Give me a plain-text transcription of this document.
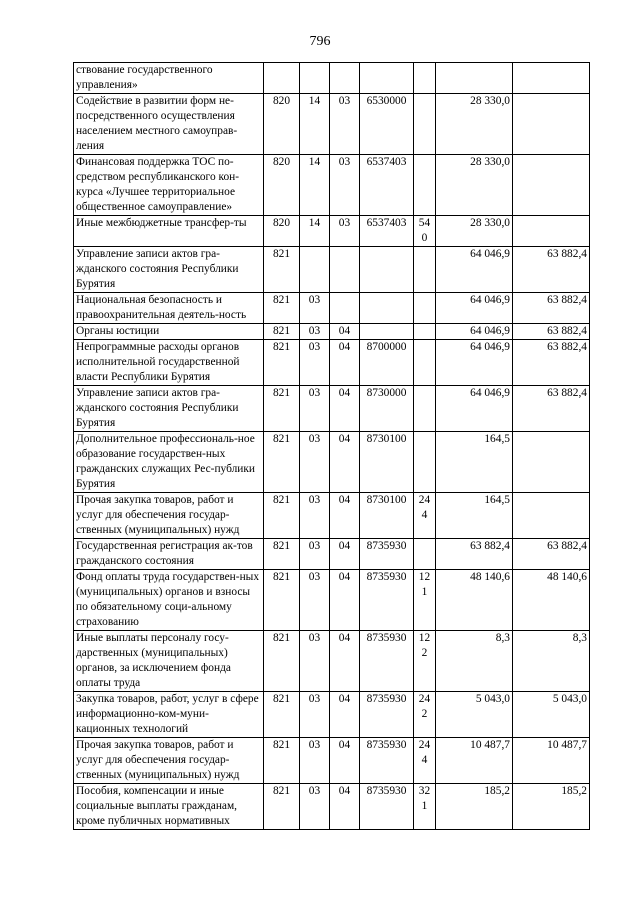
796
ствование государственного управления»							
Содействие в развитии форм не-посредственного осуществления населением местного самоуправ-ления	820	14	03	6530000		28 330,0	
Финансовая поддержка ТОС по-средством республиканского кон-курса «Лучшее территориальное общественное самоуправление»	820	14	03	6537403		28 330,0	
Иные межбюджетные трансфер-ты	820	14	03	6537403	540	28 330,0	
Управление записи актов гра-жданского состояния Республики Бурятия	821					64 046,9	63 882,4
Национальная безопасность и правоохранительная деятель-ность	821	03				64 046,9	63 882,4
Органы юстиции	821	03	04			64 046,9	63 882,4
Непрограммные расходы органов исполнительной государственной власти Республики Бурятия	821	03	04	8700000		64 046,9	63 882,4
Управление записи актов гра-жданского состояния Республики Бурятия	821	03	04	8730000		64 046,9	63 882,4
Дополнительное профессиональ-ное образование государствен-ных гражданских служащих Рес-публики Бурятия	821	03	04	8730100		164,5	
Прочая закупка товаров, работ и услуг для обеспечения государ-ственных (муниципальных) нужд	821	03	04	8730100	244	164,5	
Государственная регистрация ак-тов гражданского состояния	821	03	04	8735930		63 882,4	63 882,4
Фонд оплаты труда государствен-ных (муниципальных) органов и взносы по обязательному соци-альному страхованию	821	03	04	8735930	121	48 140,6	48 140,6
Иные выплаты персоналу госу-дарственных (муниципальных) органов, за исключением фонда оплаты труда	821	03	04	8735930	122	8,3	8,3
Закупка товаров, работ, услуг в сфере информационно-ком-муни-кационных технологий	821	03	04	8735930	242	5 043,0	5 043,0
Прочая закупка товаров, работ и услуг для обеспечения государ-ственных (муниципальных) нужд	821	03	04	8735930	244	10 487,7	10 487,7
Пособия, компенсации и иные социальные выплаты гражданам, кроме публичных нормативных	821	03	04	8735930	321	185,2	185,2
